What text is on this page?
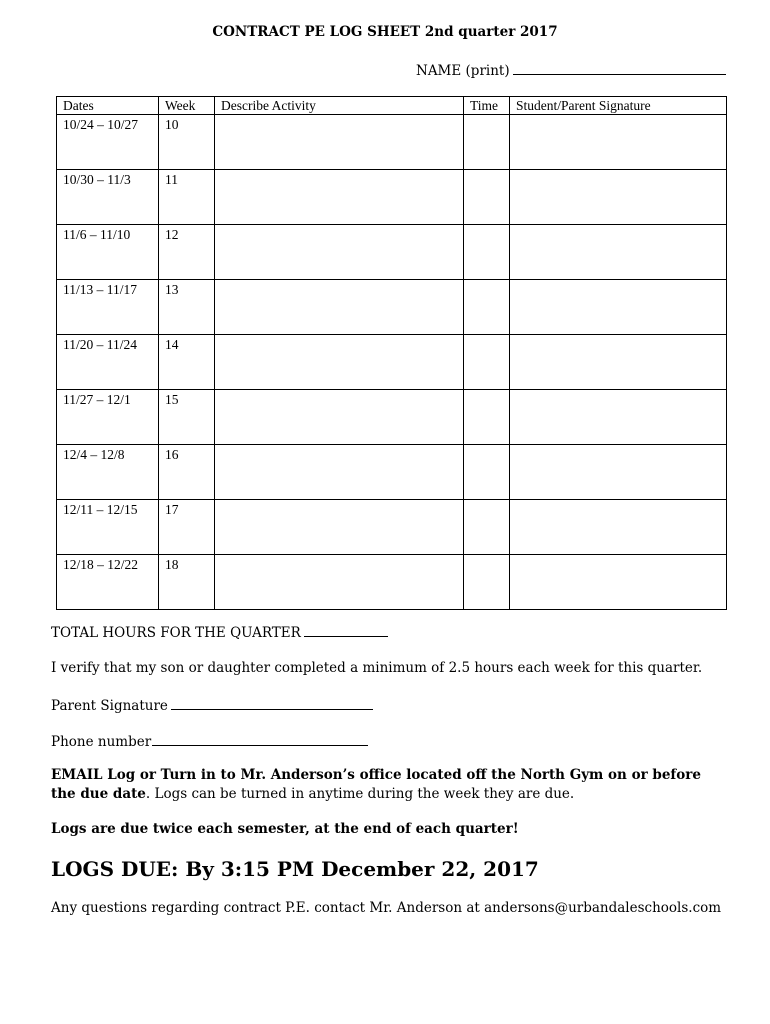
CONTRACT PE LOG SHEET 2nd quarter 2017
NAME (print)
Dates	Week	Describe Activity	Time	Student/Parent Signature
10/24 – 10/27	10			
10/30 – 11/3	11			
11/6 – 11/10	12			
11/13 – 11/17	13			
11/20 – 11/24	14			
11/27 – 12/1	15			
12/4 – 12/8	16			
12/11 – 12/15	17			
12/18 – 12/22	18			
TOTAL HOURS FOR THE QUARTER
I verify that my son or daughter completed a minimum of 2.5 hours each week for this quarter.
Parent Signature
Phone number
EMAIL Log or Turn in to Mr. Anderson’s office located off the North Gym on or before the due date. Logs can be turned in anytime during the week they are due.
Logs are due twice each semester, at the end of each quarter!
LOGS DUE: By 3:15 PM December 22, 2017
Any questions regarding contract P.E. contact Mr. Anderson at andersons@urbandaleschools.com
